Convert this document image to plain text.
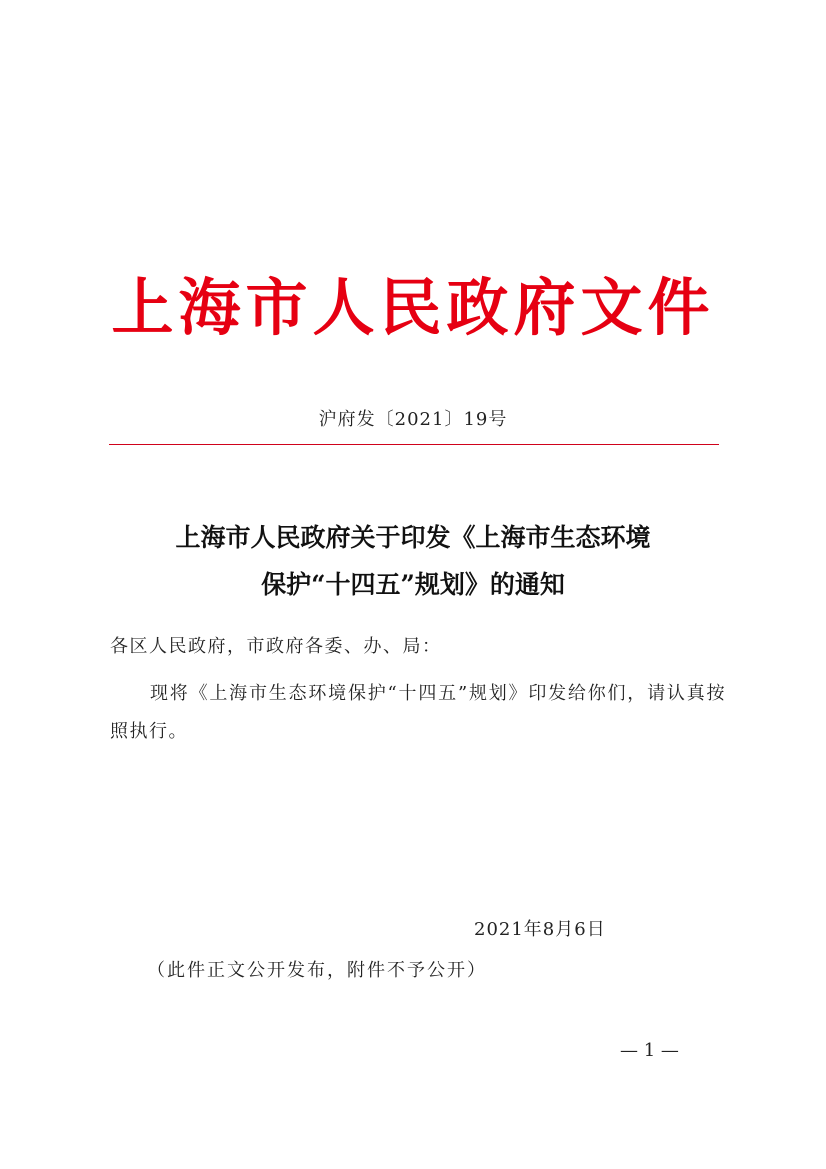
上海市人民政府文件
沪府发〔2021〕19号
上海市人民政府关于印发《上海市生态环境
保护“十四五”规划》的通知
各区人民政府，市政府各委、办、局：
现将《上海市生态环境保护“十四五”规划》印发给你们，请认真按照执行。
2021年8月6日
（此件正文公开发布，附件不予公开）
— 1 —
